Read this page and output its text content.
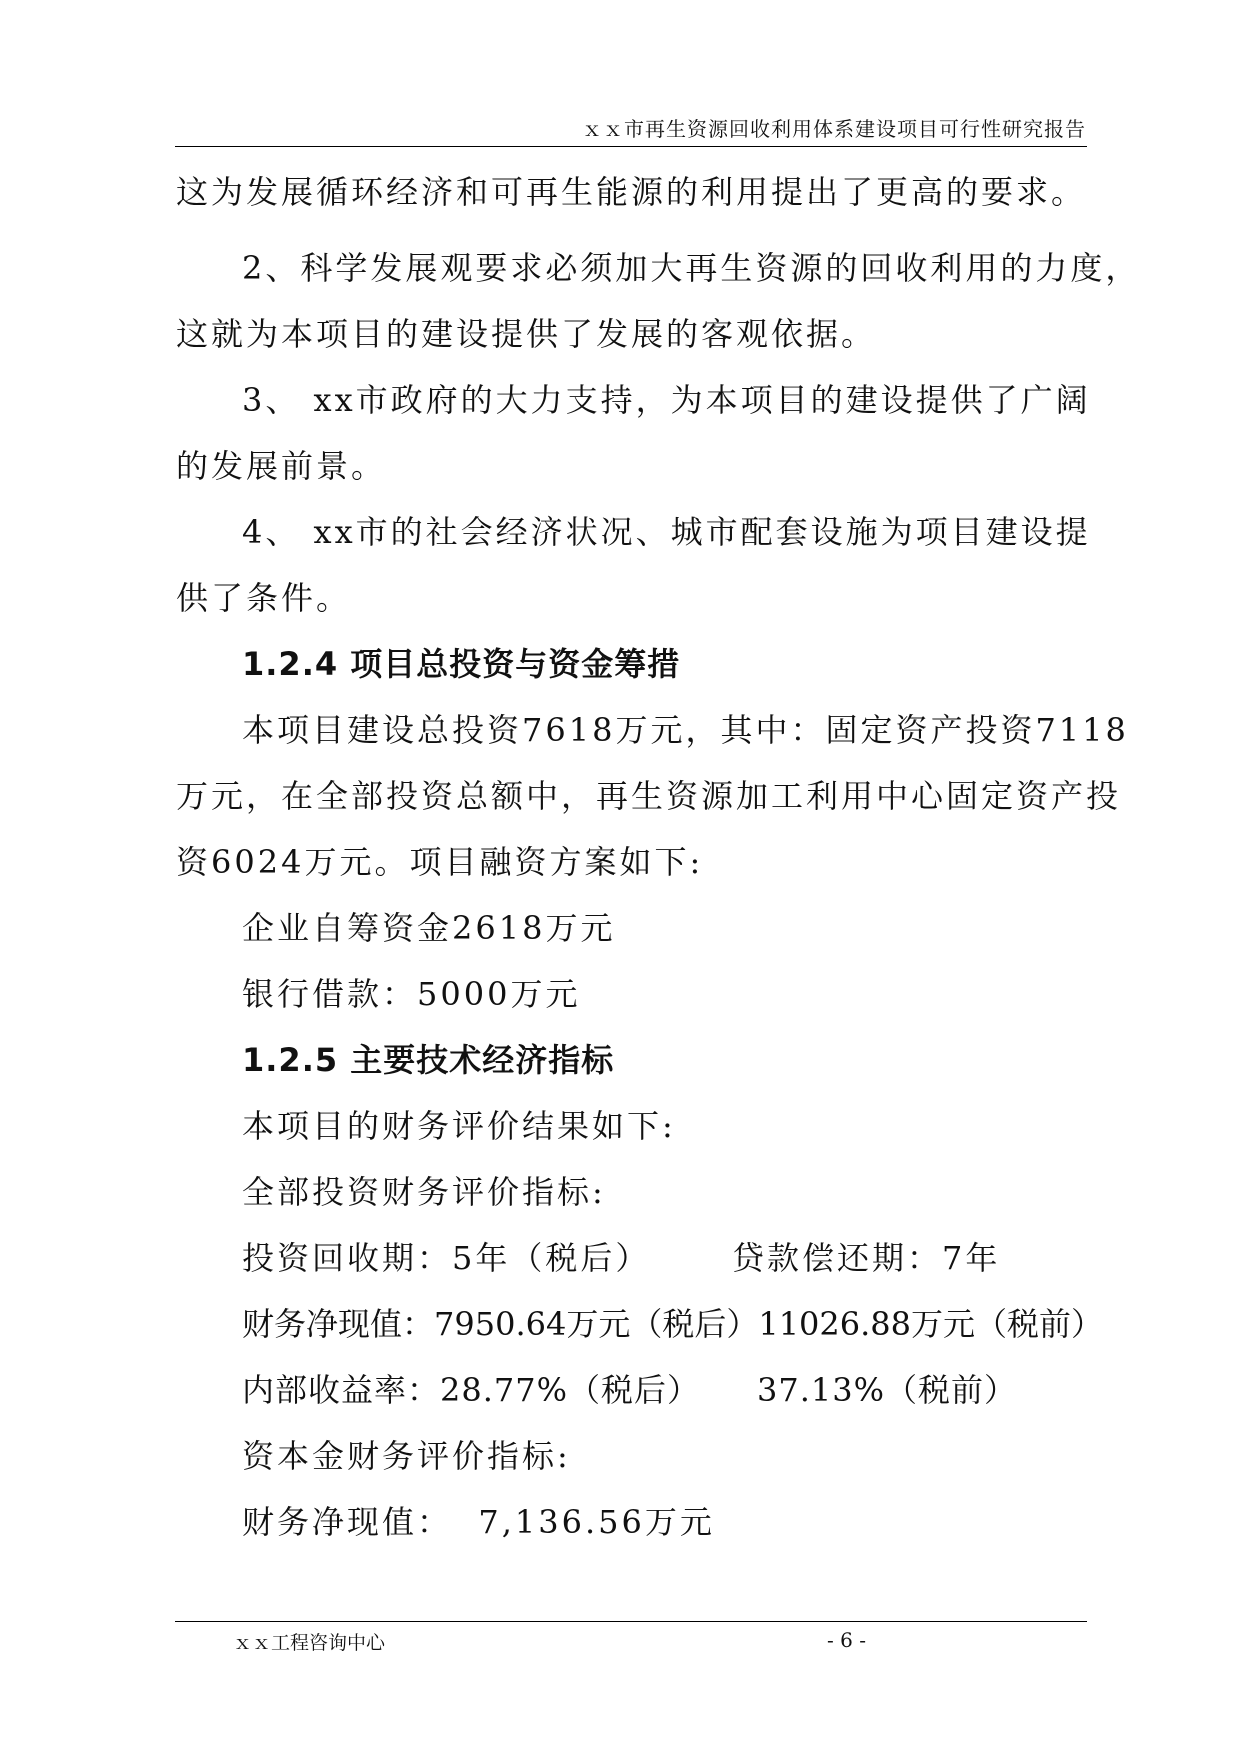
ｘｘ市再生资源回收利用体系建设项目可行性研究报告
这为发展循环经济和可再生能源的利用提出了更高的要求。
2、科学发展观要求必须加大再生资源的回收利用的力度，
这就为本项目的建设提供了发展的客观依据。
3、 xx市政府的大力支持，为本项目的建设提供了广阔
的发展前景。
4、 xx市的社会经济状况、城市配套设施为项目建设提
供了条件。
1.2.4 项目总投资与资金筹措
本项目建设总投资7618万元，其中：固定资产投资7118
万元，在全部投资总额中，再生资源加工利用中心固定资产投
资6024万元。项目融资方案如下:
企业自筹资金2618万元
银行借款：5000万元
1.2.5 主要技术经济指标
本项目的财务评价结果如下:
全部投资财务评价指标:
投资回收期：5年（税后）	贷款偿还期：7年
财务净现值：7950.64万元（税后）11026.88万元（税前）
内部收益率：28.77%（税后） 37.13%（税前）
资本金财务评价指标:
财务净现值：  7,136.56万元
ｘｘ工程咨询中心	- 6 -
